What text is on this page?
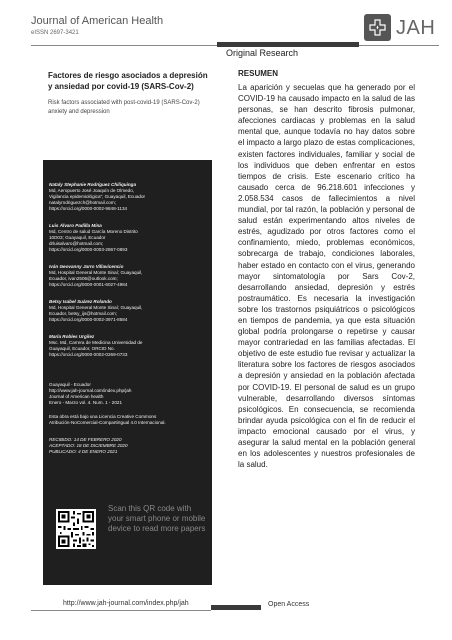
Journal of American Health
eISSN 2697-3421	JAH
Original Research
Factores de riesgo asociados a depresión y ansiedad por covid-19 (SARS-Cov-2)
Risk factors associated with post-covid-19 (SARS-Cov-2) anxiety and depression
Nataly Stephanie Rodríguez Chiliquinga
Md, Aeropuerto José Joaquín de Olmedo,
Vigilancia epidemiológica"; Guayaquil, Ecuador
natalyrodriguezch@hotmail.com;
https://orcid.org/0000-0002-9848-1134
Luis Álvaro Padilla Mina
Md, Centro de salud García Moreno Distrito
10D03; Guayaquil, Ecuador
drluisalvaro@hotmail.com;
https://orcid.org/0000-0003-2867-0893
Iván Geovanny Jarro Villavicencio
Md, Hospital General Monte Sinaí; Guayaquil,
Ecuador, ivan2506@outlook.com;
https://orcid.org/0000-0001-6027-4984
Betsy Isabel Suárez Rolando
Md, Hospital General Monte Sinaí; Guayaquil,
Ecuador, betsy_ijs@hotmail.com;
https://orcid.org/0000-0002-3971-8584
María Robles Urgilez
Msc. Md, Carrera de Medicina Universidad de
Guayaquil, Ecuador, ORCID No.
https://orcid.org/0000-0002-0269-0733
Guayaquil - Ecuador
http://www.jah-journal.com/index.php/jah
Journal of American health
Enero - Marzo vol. 4. Num. 1 - 2021
Esta obra está bajo una Licencia Creative Commons
Atribución-NoComercial-CompartirIgual 4.0 Internacional.
RECIBIDO: 14 DE FEBRERO 2020
ACEPTADO: 18 DE DICIEMBRE 2020
PUBLICADO: 4 DE ENERO 2021
Scan this QR code with your smart phone or mobile device to read more papers
RESUMEN
La aparición y secuelas que ha generado por el COVID-19 ha causado impacto en la salud de las personas, se han descrito fibrosis pulmonar, afecciones cardiacas y problemas en la salud mental que, aunque todavía no hay datos sobre el impacto a largo plazo de estas complicaciones, existen factores individuales, familiar y social de los individuos que deben enfrentar en estos tiempos de crisis. Este escenario crítico ha causado cerca de 96.218.601 infecciones y 2.058.534 casos de fallecimientos a nivel mundial, por tal razón, la población y personal de salud están experimentando altos niveles de estrés, agudizado por otros factores como el confinamiento, miedo, problemas económicos, sobrecarga de trabajo, condiciones laborales, haber estado en contacto con el virus, generando mayor sintomatología por Sars Cov-2, desarrollando ansiedad, depresión y estrés postraumático. Es necesaria la investigación sobre los trastornos psiquiátricos o psicológicos en tiempos de pandemia, ya que esta situación global podría prolongarse o repetirse y causar mayor contrariedad en las familias afectadas. El objetivo de este estudio fue revisar y actualizar la literatura sobre los factores de riesgos asociados a depresión y ansiedad en la población afectada por COVID-19. El personal de salud es un grupo vulnerable, desarrollando diversos síntomas psicológicos. En consecuencia, se recomienda brindar ayuda psicológica con el fin de reducir el impacto emocional causado por el virus, y asegurar la salud mental en la población general en los adolescentes y nuestros profesionales de la salud.
http://www.jah-journal.com/index.php/jah	Open Access
